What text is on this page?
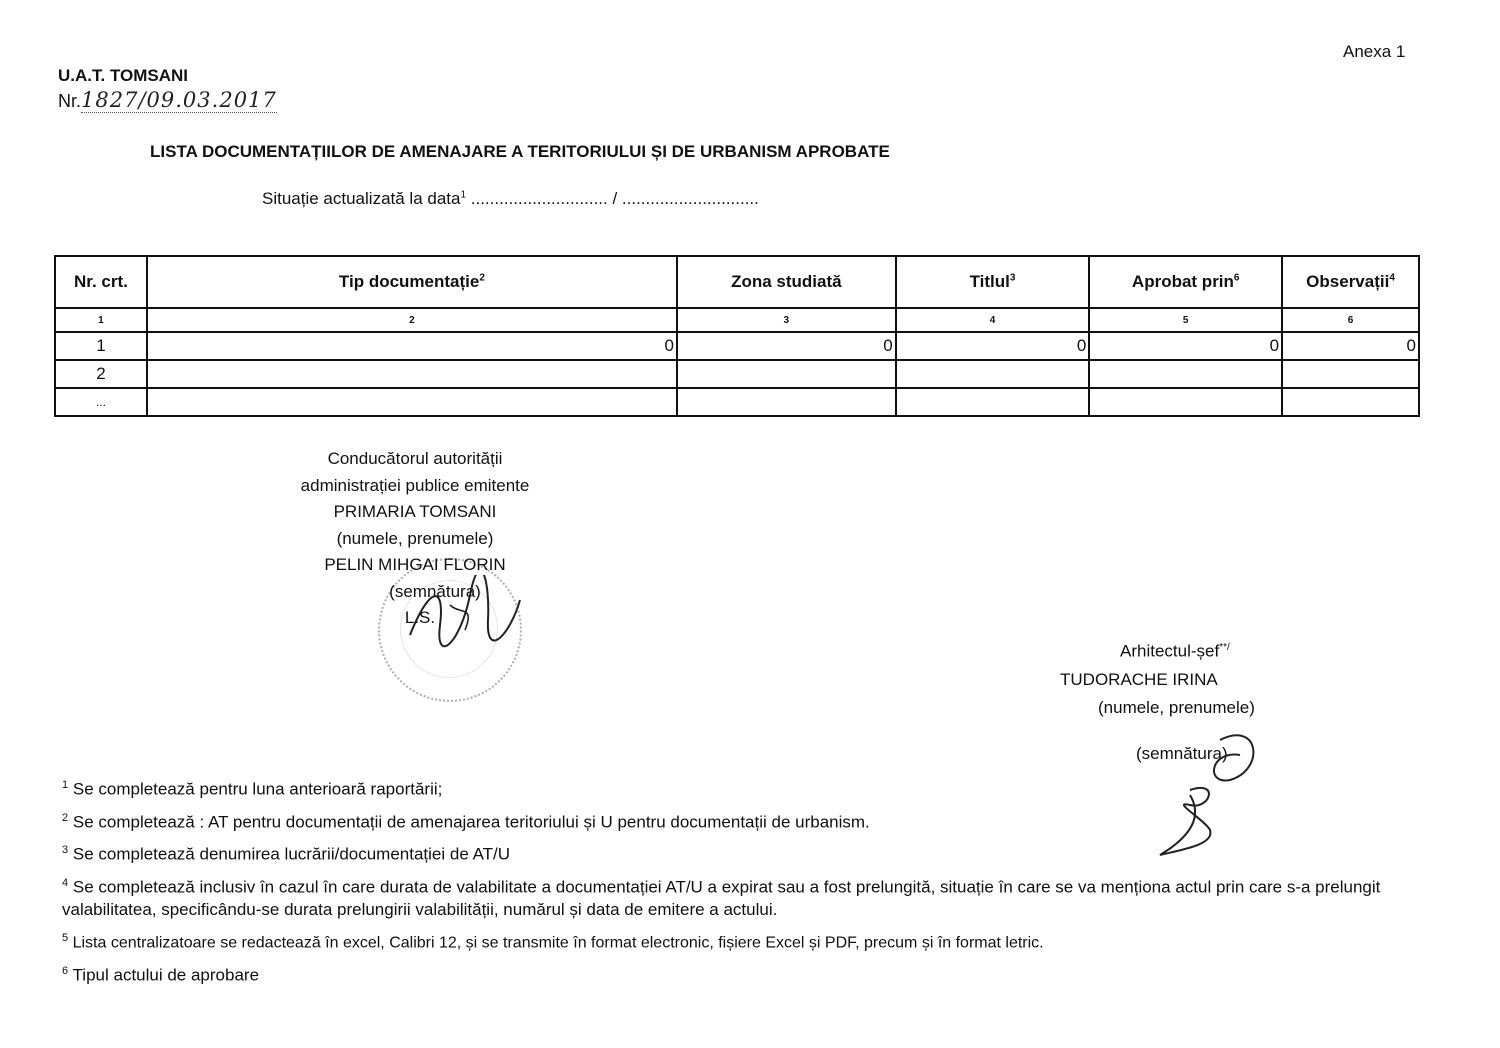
Anexa 1
U.A.T. TOMSANI
Nr.1827/09.03.2017
LISTA DOCUMENTAȚIILOR DE AMENAJARE A TERITORIULUI ȘI DE URBANISM APROBATE
Situație actualizată la data$^1$ ............................. / .............................
Nr. crt.	Tip documentație$^2$	Zona studiată	Titlul$^3$	Aprobat prin$^6$	Observații$^4$
1	2	3	4	5	6
1	0	0	0	0	0
2					
...					
Conducătorul autorității
administrației publice emitente
PRIMARIA TOMSANI
(numele, prenumele)
PELIN MIHGAI FLORIN
(semnătura)
L.S.
Arhitectul-șef**/
TUDORACHE IRINA
(numele, prenumele)
(semnătura)

$^1$ Se completează pentru luna anterioară raportării;

$^2$ Se completează : AT pentru documentații de amenajarea teritoriului și U pentru documentații de urbanism.

$^3$ Se completează denumirea lucrării/documentației de AT/U

$^4$ Se completează inclusiv în cazul în care durata de valabilitate a documentației AT/U a expirat sau a fost prelungită, situație în care se va menționa actul prin care s-a prelungit valabilitatea, specificându-se durata prelungirii valabilității, numărul și data de emitere a actului.

$^5$ Lista centralizatoare se redactează în excel, Calibri 12, și se transmite în format electronic, fișiere Excel și PDF, precum și în format letric.

$^6$ Tipul actului de aprobare
